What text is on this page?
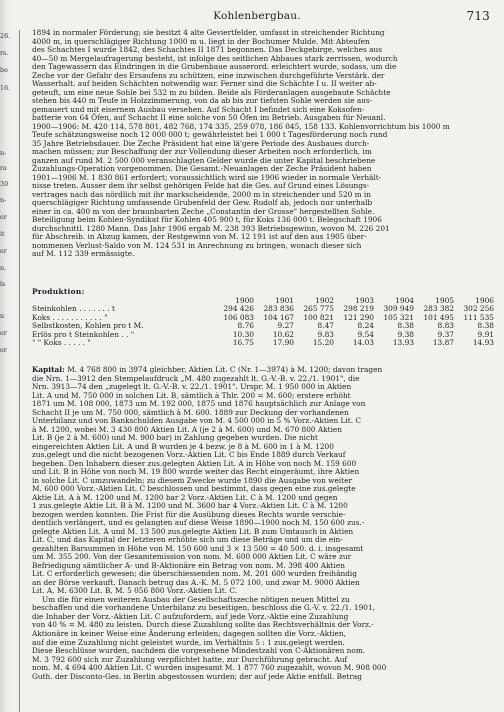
Kohlenbergbau.	713
26.
rs.
be
16.
n-
ra
30
n-
er
it
er
n.
ls
n
er
er

1894 in normaler Förderung; sie besitzt 4 alte Geviertfelder, umfasst in streichender Richtung

4000 m, in querschlägiger Richtung 1000 m u. liegt in der Bochumer Mulde. Mit Abteufen

des Schachtes I wurde 1842, des Schachtes II 1871 begonnen. Das Deckgebirge, welches aus

40—50 m Mergelaufragerung besteht, ist infolge des seitlichen Abbaues stark zerrissen, wodurch

den Tagewassern das Eindringen in die Grubenbaue ausserord. erleichtert wurde, sodass, um die

Zeche vor der Gefahr des Ersaufens zu schützen, eine inzwischen durchgeführte Verstärk. der

Wasserhalt. auf beiden Schächten notwendig war. Ferner sind die Schächte I u. II weiter ab-

geteuft, um eine neue Sohle bei 532 m zu bilden. Beide als Förderanlagen ausgebaute Schächte

stehen bis 440 m Teufe in Holzzimmerung, von da ab bis zur tiefsten Sohle werden sie aus-

gemauert und mit eisernem Ausbau versehen. Auf Schacht I befindet sich eine Koksofen-

batterie von 64 Öfen, auf Schacht II eine solche von 50 Öfen im Betrieb. Ausgaben für Neuanl.

1900—1906: M. 420 114, 578 801, 482 768, 174 335, 259 078, 186 045, 158 133. Kohlenvorrichtum bis 1000 m

Teufe schätzungsweise noch 12 000 000 t; gewährleistet bei 1 000 t Tagesförderung noch rund

35 Jahre Betriebsdauer. Die Zeche Präsident hat eine lä'gere Periode des Ausbaues durch-

machen müssen; zur Beschaffung der zur Vollendung dieser Arbeiten noch erforderlich, im

ganzen auf rund M. 2 500 000 veranschlagten Gelder wurde die unter Kapital beschriebene

Zuzahlungs-Operation vorgenommen. Die Gesamt.-Neuanlagen der Zeche Präsident haben

1901—1906 M. 1 830 861 erfordert; voraussichtlich wird sie 1906 wieder in normale Verhält-

nisse treten. Ausser dem ihr selbst gehörigen Felde hat die Ges. auf Grund eines Lösungs-

vertrages nach das nördlich mit ihr markscheidende, 2000 m in streichender und 520 m in

querschlägiger Richtung umfassende Grubenfeld der Gew. Rudolf ab, jedoch nur unterhalb

einer in ca. 400 m von der braunbarten Zeche „Constantin der Grosse" hergestellten Sohle.

Beteiligung beim Kohlen-Syndikat für Kohlen 405 900 t, für Koks 136 000 t. Belegschaft 1906

durchschnittl. 1280 Mann. Das Jahr 1906 ergab M. 238 393 Betriebsgewinn, wovon M. 226 201

für Abschreib. in Abzug kamen, der Restgewinn von M. 12 191 ist auf den aus 1905 über-

nommenen Verlust-Saldo von M. 124 531 in Anrechnung zu bringen, wonach dieser sich

auf M. 112 339 ermässigte.

Produktion:
1900	1901	1902	1903	1904	1905	1906
Steinkohlen . . . . . . . t	294 426	283 836	265 775	298 219	309 949	283 382	302 256
Koks . . . . . . . . . . . "	106 083	104 167	100 821	121 290	105 321	101 495	111 535
Selbstkosten, Kohlen pro t M.	8.76	9.27	8.47	8.24	8.38	8.83	8.38
Erlös pro t Steinkohlen . . "	10.30	10.62	9.83	9.54	9.38	9.37	9.91
" " Koks . . . . . "	16.75	17.90	15.20	14.03	13.93	13.87	14.93

Kapital: M. 4 768 800 in 3974 gleichber. Aktien Lit. C (Nr. 1—3974) à M. 1200; davon tragen

die Nrn. 1—3912 den Stempelaufdruck „M. 480 zugezahlt lt. G.-V.-B. v. 22./1. 1901", die

Nrn. 3913—74 den „zugelegt lt. G.-V.-B. v. 22./1. 1901". Urspr. M. 1 950 000 in Aktien

Lit. A und M. 750 000 in solchen Lit. B, sämtlich à Thlr. 200 = M. 600; erstere erhöht

1871 um M. 108 000, 1873 um M. 192 000, 1875 und 1876 hauptsächlich zur Anlage von

Schacht II je um M. 750 000, sämtlich à M. 600. 1889 zur Deckung der vorhandenen

Unterbilanz und von Bankschulden Ausgabe von M. 4 500 000 in 5 % Vorz.-Aktien Lit. C

à M. 1200, wobei M. 3 430 800 Aktien Lit. A (je 2 à M. 600) und M. 670 800 Aktien

Lit. B (je 2 à M. 600) und M. 900 bar) in Zahlung gegeben wurden. Die nicht

eingereichten Aktien Lit. A und B wurden je 4 bezw. je 8 à M. 600 in 1 à M. 1200

zus.gelegt und die nicht bezogenen Vorz.-Aktien Lit. C bis Ende 1889 durch Verkauf

begeben. Den Inhabern dieser zus.gelegten Aktien Lit. A in Höhe von noch M. 159 600

und Lit. B in Höhe von noch M. 19 800 wurde weiter das Recht eingeräumt, ihre Aktien

in solche Lit. C umzuwandeln; zu diesem Zwecke wurde 1890 die Ausgabe von weiter

M. 600 000 Vorz.-Aktien Lit. C beschlossen und bestimmt, dass gegen eine zus.gelegte

Aktie Lit. A à M. 1200 und M. 1200 bar 2 Vorz.-Aktien Lit. C à M. 1200 und gegen

1 zus.gelegte Aktie Lit. B à M. 1200 und M. 3600 bar 4 Vorz.-Aktien Lit. C à M. 1200

bezogen werden konnten. Die Frist für die Ausübung dieses Rechts wurde verschie-

dentlich verlängert, und es gelangten auf diese Weise 1890—1900 noch M. 150 600 zus.-

gelegte Aktien Lit. A und M. 13 500 zus.gelegte Aktien Lit. B zum Umtausch in Aktien

Lit. C, und das Kapital der letzteren erhöhte sich um diese Beträge und um die ein-

gezahlten Barsummen in Höhe von M. 150 600 und 3 × 13 500 = 40 500. d. i. insgesamt

um M. 355 200. Von der Gesamtemission von nom. M. 600 000 Aktien Lit. C wäre zur

Befriedigung sämtlicher A- und B-Aktionäre ein Betrag von nom. M. 398 400 Aktien

Lit. C erforderlich gewesen; die überschiessenden nom. M. 201 600 wurden freihändig

an der Börse verkauft. Danach betrug das A.-K. M. 5 072 100, und zwar M. 9000 Aktien

Lit. A, M. 6300 Lit. B, M. 5 056 800 Vorz.-Aktien Lit. C.

Um die für einen weiteren Ausbau der Gesellschaftszeche nötigen neuen Mittel zu

beschaffen und die vorhandene Unterbilanz zu beseitigen, beschloss die G.-V. v. 22./1. 1901,

die Inhaber der Vorz.-Aktien Lit. C aufzufordern, auf jede Vorz.-Aktie eine Zuzahlung

von 40 % = M. 480 zu leisten. Durch diese Zuzahlung sollte das Rechtsverhältnis der Vorz.-

Aktionäre in keiner Weise eine Änderung erleiden; dagegen sollten die Vorz.-Aktien,

auf die eine Zuzahlung nicht geleistet wurde, im Verhältnis 5 : 1 zus.gelegt werden.

Diese Beschlüsse wurden, nachdem die vorgesehene Mindestzahl von C-Aktionären nom.

M. 3 792 600 sich zur Zuzahlung verpflichtet hatte, zur Durchführung gebracht. Auf

nom. M. 4 694 400 Aktien Lit. C wurden insgesamt M. 1 877 760 zugezahlt, wovon M. 908 000

Guth. der Disconto-Ges. in Berlin abgestossen wurden; der auf jede Aktie entfall. Betrag
